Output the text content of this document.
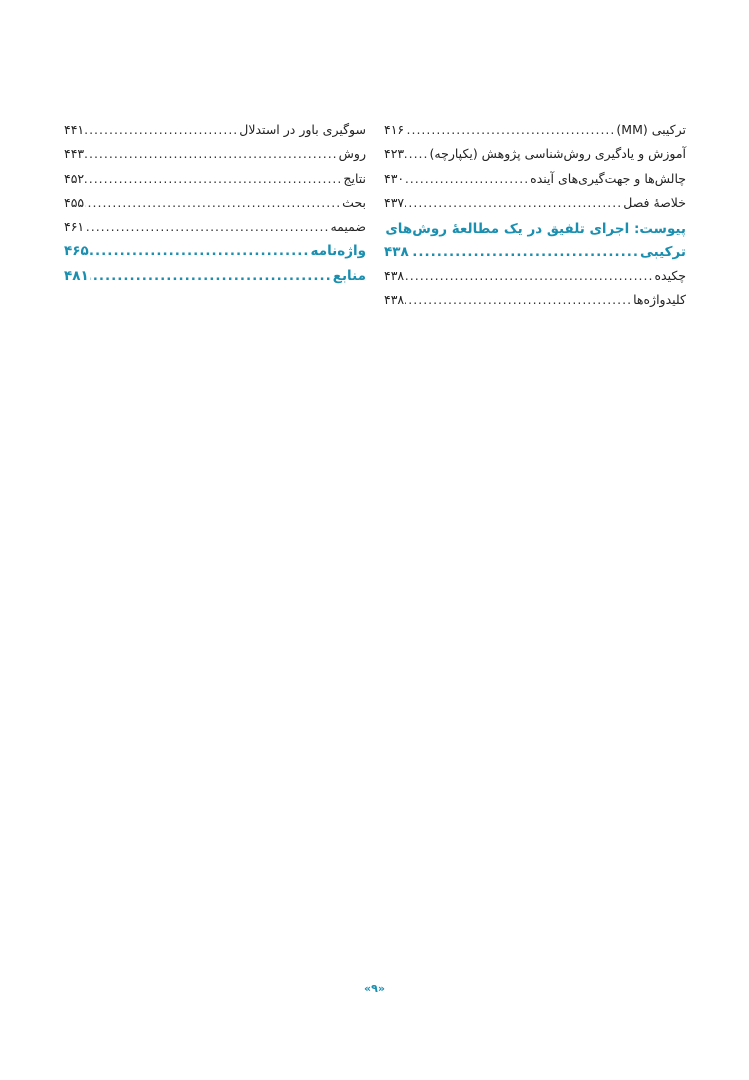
ترکیبی (MM)
.....
۴۱۶
آموزش و یادگیری روش‌شناسی پژوهش (یکپارچه)
.....
۴۲۳
چالش‌ها و جهت‌گیری‌های آینده
.....
۴۳۰
خلاصهٔ فصل
.....
۴۳۷
پیوست: اجرای تلفیق در یک مطالعهٔ روش‌های
ترکیبی
.....
۴۳۸
چکیده
.....
۴۳۸
کلیدواژه‌ها
.....
۴۳۸
سوگیری باور در استدلال
.....
۴۴۱
روش
.....
۴۴۳
نتایج
.....
۴۵۲
بحث
.....
۴۵۵
ضمیمه
.....
۴۶۱
واژه‌نامه
.....
۴۶۵
منابع
.....
۴۸۱
«۹»
